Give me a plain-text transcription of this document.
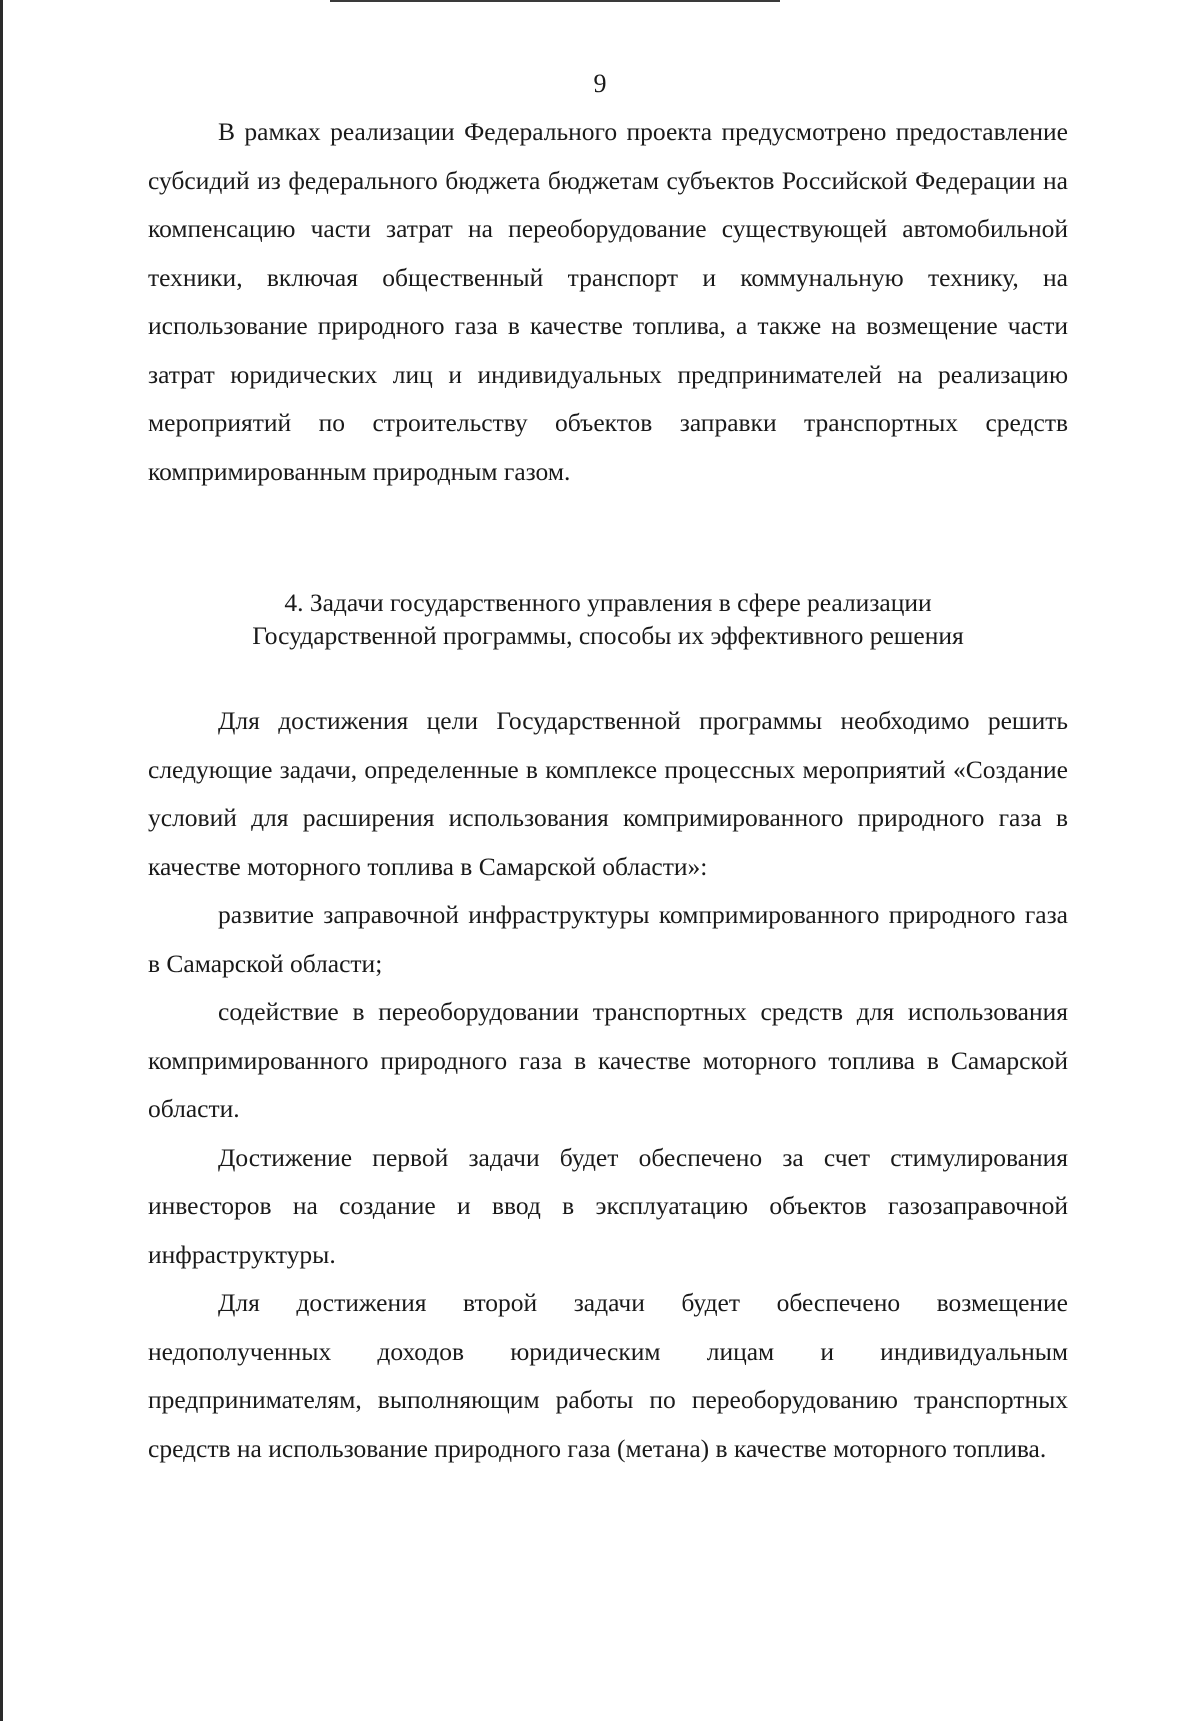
9

В рамках реализации Федерального проекта предусмотрено предоставление субсидий из федерального бюджета бюджетам субъектов Российской Федерации на компенсацию части затрат на переоборудование существующей автомобильной техники, включая общественный транспорт и коммунальную технику, на использование природного газа в качестве топлива, а также на возмещение части затрат юридических лиц и индивидуальных предпринимателей на реализацию мероприятий по строительству объектов заправки транспортных средств компримированным природным газом.

4. Задачи государственного управления в сфере реализации
Государственной программы, способы их эффективного решения

Для достижения цели Государственной программы необходимо решить следующие задачи, определенные в комплексе процессных мероприятий «Создание условий для расширения использования компримированного природного газа в качестве моторного топлива в Самарской области»:

развитие заправочной инфраструктуры компримированного природного газа в Самарской области;

содействие в переоборудовании транспортных средств для использования компримированного природного газа в качестве моторного топлива в Самарской области.

Достижение первой задачи будет обеспечено за счет стимулирования инвесторов на создание и ввод в эксплуатацию объектов газозаправочной инфраструктуры.

Для достижения второй задачи будет обеспечено возмещение недополученных доходов юридическим лицам и индивидуальным предпринимателям, выполняющим работы по переоборудованию транспортных средств на использование природного газа (метана) в качестве моторного топлива.
